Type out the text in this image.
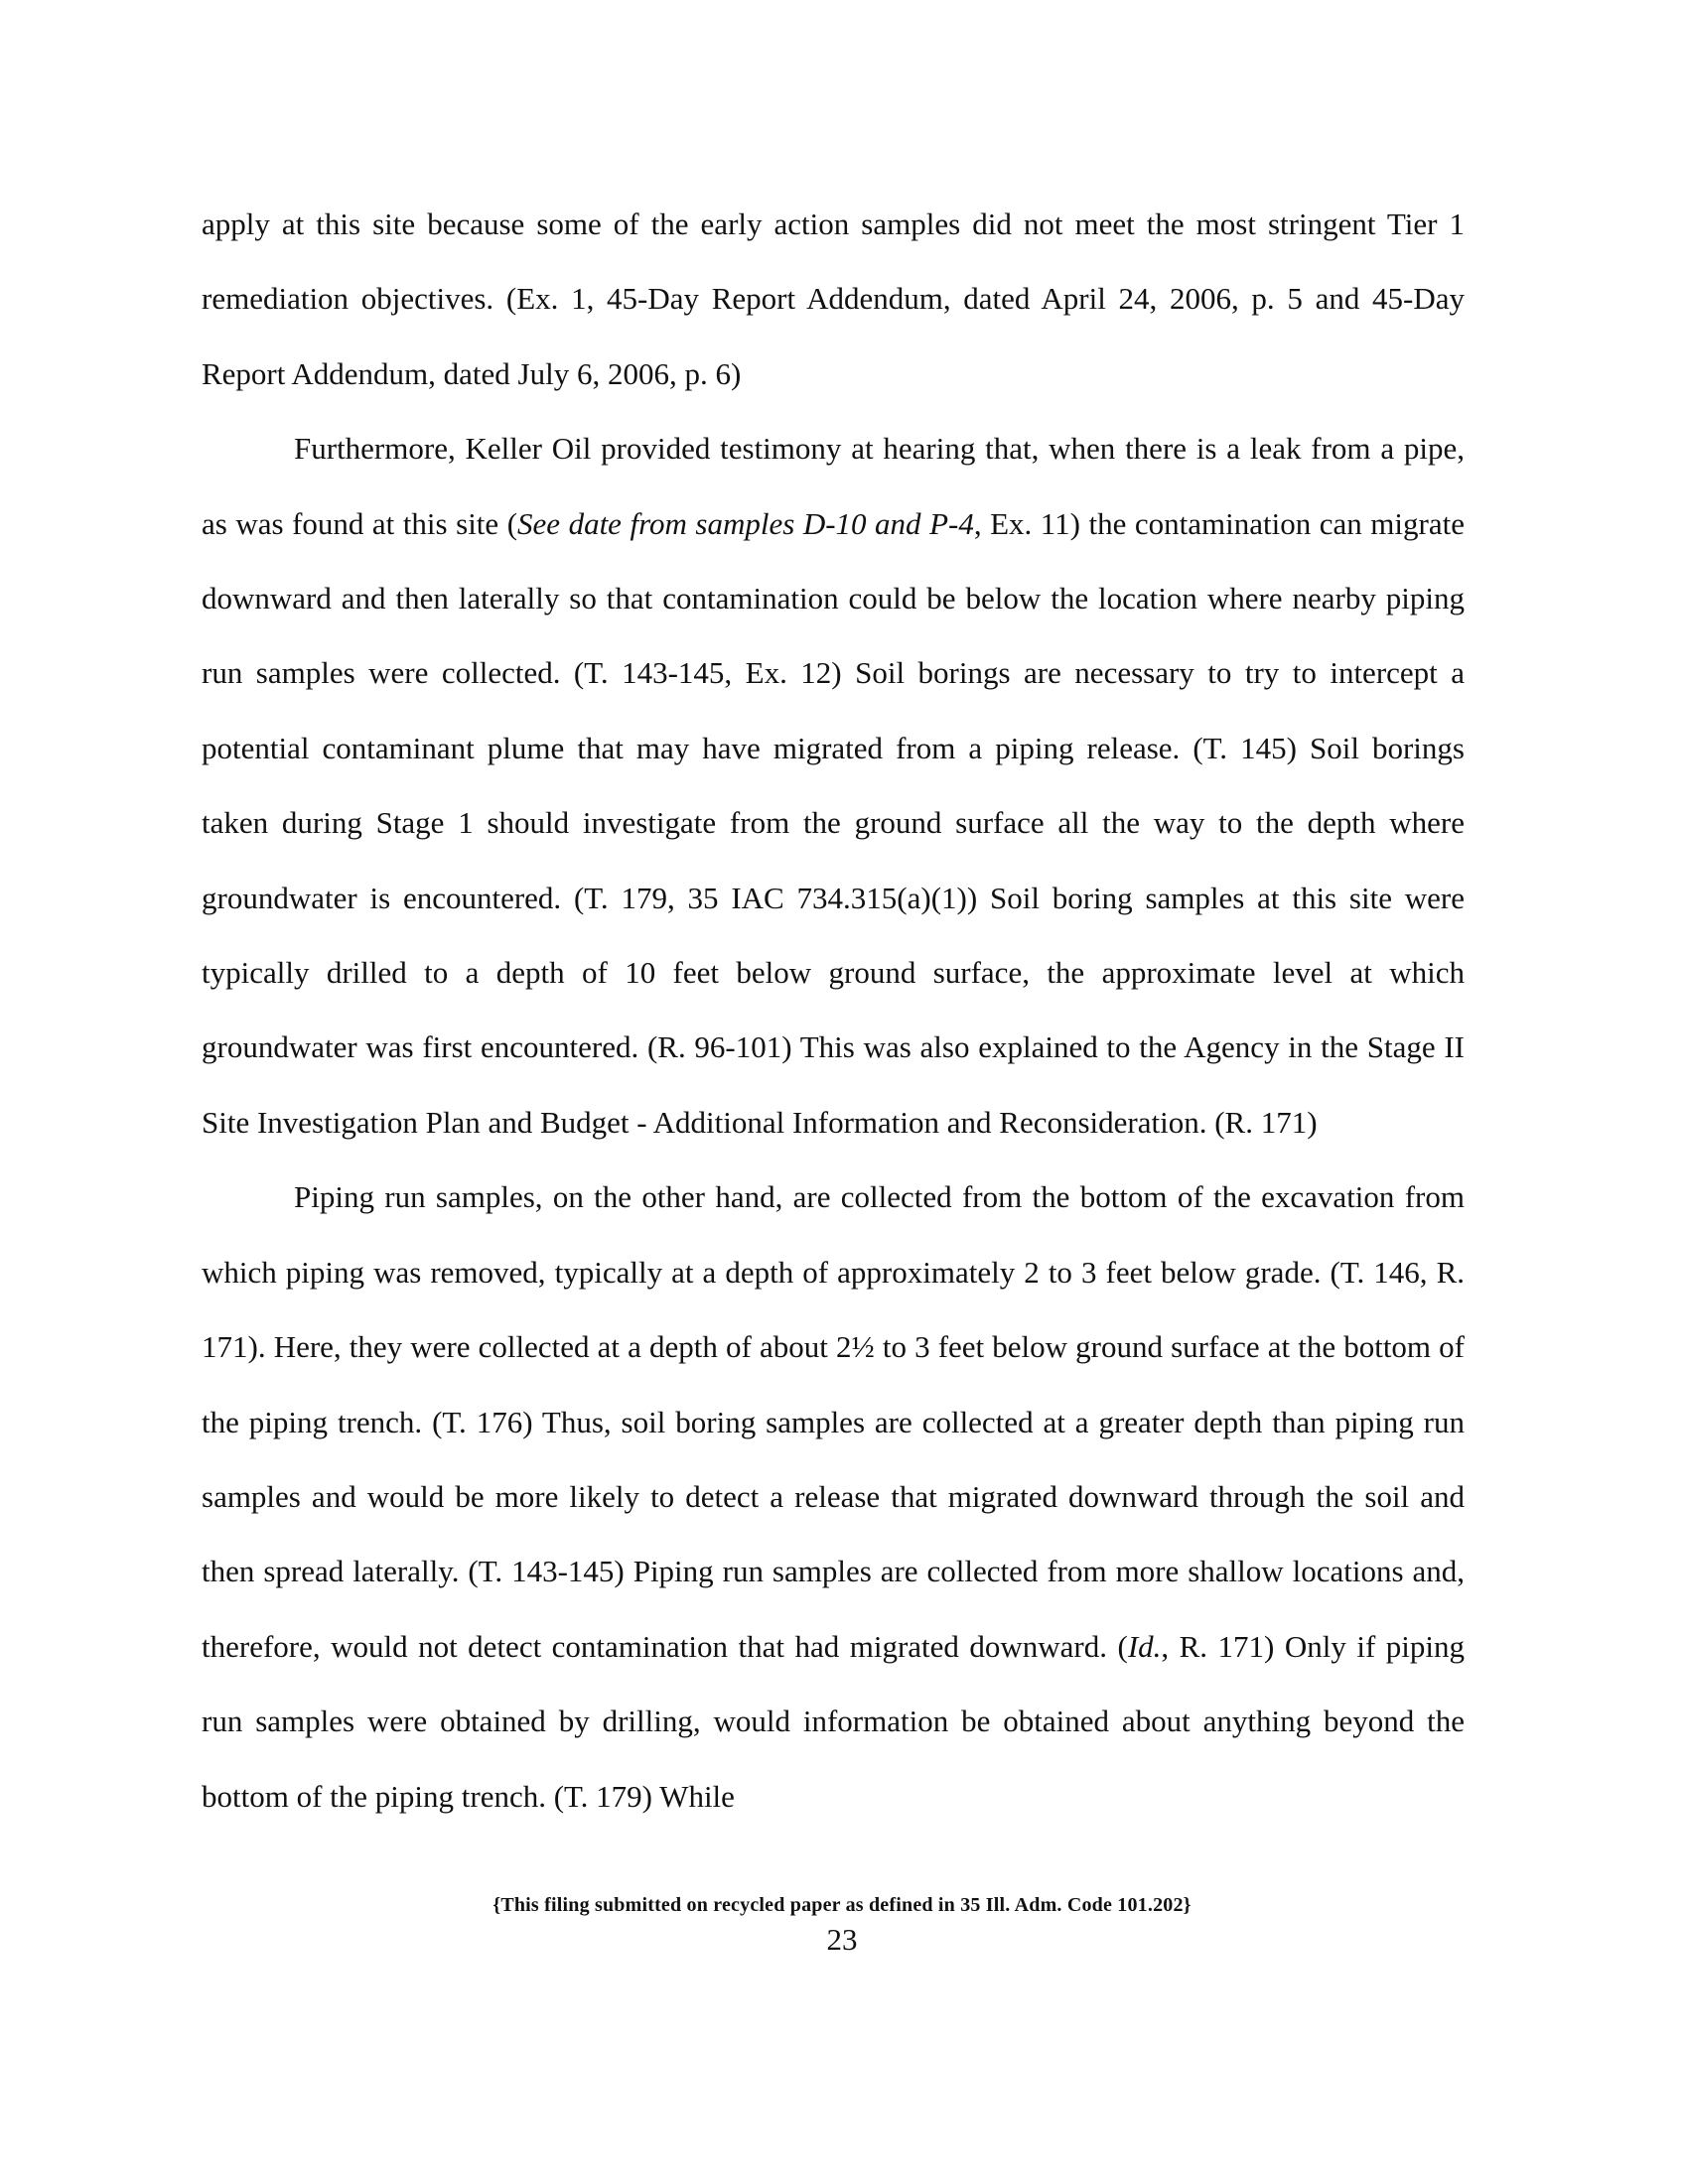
apply at this site because some of the early action samples did not meet the most stringent Tier 1 remediation objectives. (Ex. 1, 45-Day Report Addendum, dated April 24, 2006, p. 5 and 45-Day Report Addendum, dated July 6, 2006, p. 6)

Furthermore, Keller Oil provided testimony at hearing that, when there is a leak from a pipe, as was found at this site (See date from samples D-10 and P-4, Ex. 11) the contamination can migrate downward and then laterally so that contamination could be below the location where nearby piping run samples were collected. (T. 143-145, Ex. 12) Soil borings are necessary to try to intercept a potential contaminant plume that may have migrated from a piping release. (T. 145) Soil borings taken during Stage 1 should investigate from the ground surface all the way to the depth where groundwater is encountered. (T. 179, 35 IAC 734.315(a)(1)) Soil boring samples at this site were typically drilled to a depth of 10 feet below ground surface, the approximate level at which groundwater was first encountered. (R. 96-101) This was also explained to the Agency in the Stage II Site Investigation Plan and Budget - Additional Information and Reconsideration. (R. 171)

Piping run samples, on the other hand, are collected from the bottom of the excavation from which piping was removed, typically at a depth of approximately 2 to 3 feet below grade. (T. 146, R. 171). Here, they were collected at a depth of about 2½ to 3 feet below ground surface at the bottom of the piping trench. (T. 176) Thus, soil boring samples are collected at a greater depth than piping run samples and would be more likely to detect a release that migrated downward through the soil and then spread laterally. (T. 143-145) Piping run samples are collected from more shallow locations and, therefore, would not detect contamination that had migrated downward. (Id., R. 171) Only if piping run samples were obtained by drilling, would information be obtained about anything beyond the bottom of the piping trench. (T. 179) While

{This filing submitted on recycled paper as defined in 35 Ill. Adm. Code 101.202}
23
